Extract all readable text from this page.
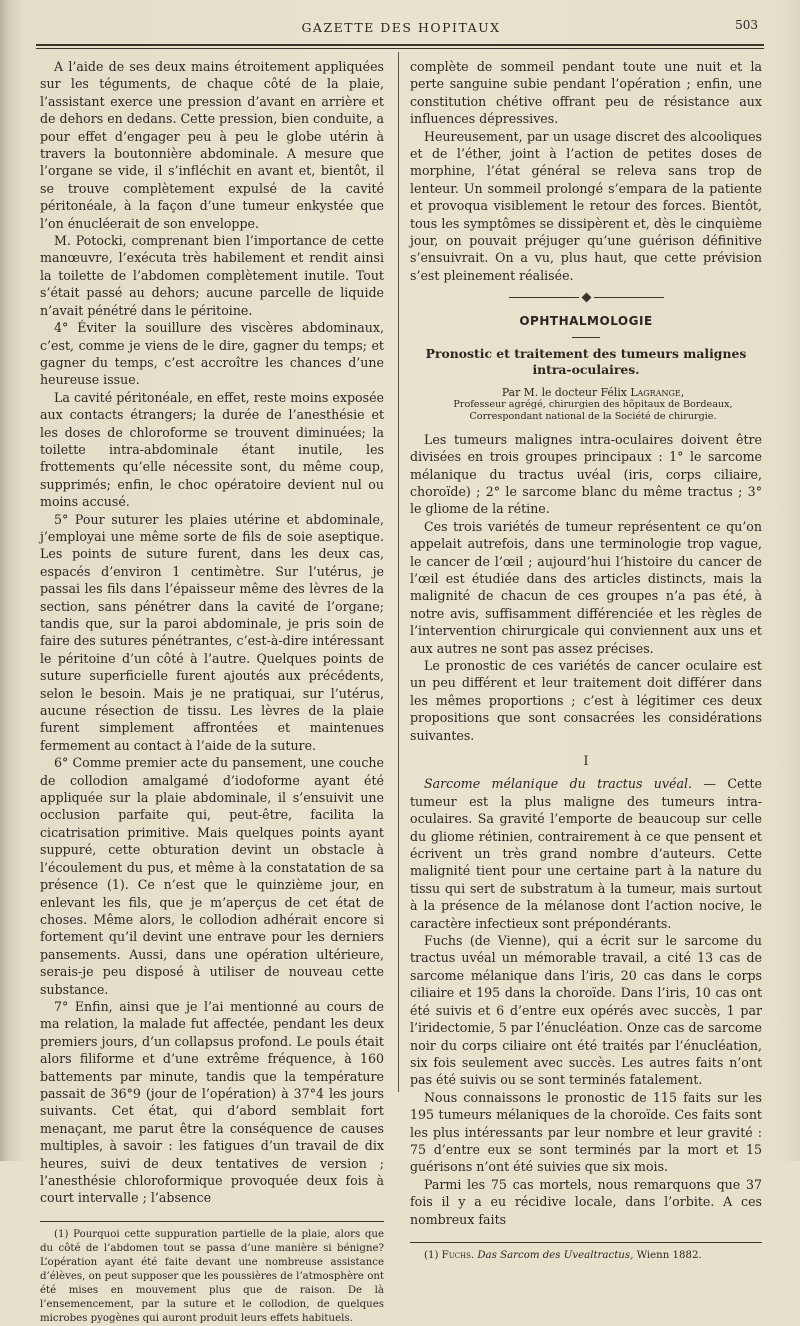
GAZETTE DES HOPITAUX	503

A l’aide de ses deux mains étroitement appliquées sur les téguments, de chaque côté de la plaie, l’assistant exerce une pression d’avant en arrière et de dehors en dedans. Cette pression, bien conduite, a pour effet d’engager peu à peu le globe utérin à travers la boutonnière abdominale. A mesure que l’organe se vide, il s’infléchit en avant et, bientôt, il se trouve complètement expulsé de la cavité péritonéale, à la façon d’une tumeur enkystée que l’on énucléerait de son enveloppe.

M. Potocki, comprenant bien l’importance de cette manœuvre, l’exécuta très habilement et rendit ainsi la toilette de l’abdomen complètement inutile. Tout s’était passé au dehors; aucune parcelle de liquide n’avait pénétré dans le péritoine.

4° Éviter la souillure des viscères abdominaux, c’est, comme je viens de le dire, gagner du temps; et gagner du temps, c’est accroître les chances d’une heureuse issue.

La cavité péritonéale, en effet, reste moins exposée aux contacts étrangers; la durée de l’anesthésie et les doses de chloroforme se trouvent diminuées; la toilette intra-abdominale étant inutile, les frottements qu’elle nécessite sont, du même coup, supprimés; enfin, le choc opératoire devient nul ou moins accusé.

5° Pour suturer les plaies utérine et abdominale, j’employai une même sorte de fils de soie aseptique. Les points de suture furent, dans les deux cas, espacés d’environ 1 centimètre. Sur l’utérus, je passai les fils dans l’épaisseur même des lèvres de la section, sans pénétrer dans la cavité de l’organe; tandis que, sur la paroi abdominale, je pris soin de faire des sutures pénétrantes, c’est-à-dire intéressant le péritoine d’un côté à l’autre. Quelques points de suture superficielle furent ajoutés aux précédents, selon le besoin. Mais je ne pratiquai, sur l’utérus, aucune résection de tissu. Les lèvres de la plaie furent simplement affrontées et maintenues fermement au contact à l’aide de la suture.

6° Comme premier acte du pansement, une couche de collodion amalgamé d’iodoforme ayant été appliquée sur la plaie abdominale, il s’ensuivit une occlusion parfaite qui, peut-être, facilita la cicatrisation primitive. Mais quelques points ayant suppuré, cette obturation devint un obstacle à l’écoulement du pus, et même à la constatation de sa présence (1). Ce n’est que le quinzième jour, en enlevant les fils, que je m’aperçus de cet état de choses. Même alors, le collodion adhérait encore si fortement qu’il devint une entrave pour les derniers pansements. Aussi, dans une opération ultérieure, serais-je peu disposé à utiliser de nouveau cette substance.

7° Enfin, ainsi que je l’ai mentionné au cours de ma relation, la malade fut affectée, pendant les deux premiers jours, d’un collapsus profond. Le pouls était alors filiforme et d’une extrême fréquence, à 160 battements par minute, tandis que la température passait de 36°9 (jour de l’opération) à 37°4 les jours suivants. Cet état, qui d’abord semblait fort menaçant, me parut être la conséquence de causes multiples, à savoir : les fatigues d’un travail de dix heures, suivi de deux tentatives de version ; l’anesthésie chloroformique provoquée deux fois à court intervalle ; l’absence

(1) Pourquoi cette suppuration partielle de la plaie, alors que du côté de l’abdomen tout se passa d’une manière si bénigne? L’opération ayant été faite devant une nombreuse assistance d’élèves, on peut supposer que les poussières de l’atmosphère ont été mises en mouvement plus que de raison. De là l’ensemencement, par la suture et le collodion, de quelques microbes pyogènes qui auront produit leurs effets habituels.

complète de sommeil pendant toute une nuit et la perte sanguine subie pendant l’opération ; enfin, une constitution chétive offrant peu de résistance aux influences dépressives.

Heureusement, par un usage discret des alcooliques et de l’éther, joint à l’action de petites doses de morphine, l’état général se releva sans trop de lenteur. Un sommeil prolongé s’empara de la patiente et provoqua visiblement le retour des forces. Bientôt, tous les symptômes se dissipèrent et, dès le cinquième jour, on pouvait préjuger qu’une guérison définitive s’ensuivrait. On a vu, plus haut, que cette prévision s’est pleinement réalisée.

OPHTHALMOLOGIE
Pronostic et traitement des tumeurs malignes intra-oculaires.

Par M. le docteur Félix Lagrange,

Professeur agrégé, chirurgien des hôpitaux de Bordeaux,

Correspondant national de la Société de chirurgie.

Les tumeurs malignes intra-oculaires doivent être divisées en trois groupes principaux : 1° le sarcome mélanique du tractus uvéal (iris, corps ciliaire, choroïde) ; 2° le sarcome blanc du même tractus ; 3° le gliome de la rétine.

Ces trois variétés de tumeur représentent ce qu’on appelait autrefois, dans une terminologie trop vague, le cancer de l’œil ; aujourd’hui l’histoire du cancer de l’œil est étudiée dans des articles distincts, mais la malignité de chacun de ces groupes n’a pas été, à notre avis, suffisamment différenciée et les règles de l’intervention chirurgicale qui conviennent aux uns et aux autres ne sont pas assez précises.

Le pronostic de ces variétés de cancer oculaire est un peu différent et leur traitement doit différer dans les mêmes proportions ; c’est à légitimer ces deux propositions que sont consacrées les considérations suivantes.

I

Sarcome mélanique du tractus uvéal. — Cette tumeur est la plus maligne des tumeurs intra-oculaires. Sa gravité l’emporte de beaucoup sur celle du gliome rétinien, contrairement à ce que pensent et écrivent un très grand nombre d’auteurs. Cette malignité tient pour une certaine part à la nature du tissu qui sert de substratum à la tumeur, mais surtout à la présence de la mélanose dont l’action nocive, le caractère infectieux sont prépondérants.

Fuchs (de Vienne), qui a écrit sur le sarcome du tractus uvéal un mémorable travail, a cité 13 cas de sarcome mélanique dans l’iris, 20 cas dans le corps ciliaire et 195 dans la choroïde. Dans l’iris, 10 cas ont été suivis et 6 d’entre eux opérés avec succès, 1 par l’iridectomie, 5 par l’énucléation. Onze cas de sarcome noir du corps ciliaire ont été traités par l’énucléation, six fois seulement avec succès. Les autres faits n’ont pas été suivis ou se sont terminés fatalement.

Nous connaissons le pronostic de 115 faits sur les 195 tumeurs mélaniques de la choroïde. Ces faits sont les plus intéressants par leur nombre et leur gravité : 75 d’entre eux se sont terminés par la mort et 15 guérisons n’ont été suivies que six mois.

Parmi les 75 cas mortels, nous remarquons que 37 fois il y a eu récidive locale, dans l’orbite. A ces nombreux faits

(1) Fuchs. Das Sarcom des Uvealtractus, Wienn 1882.
